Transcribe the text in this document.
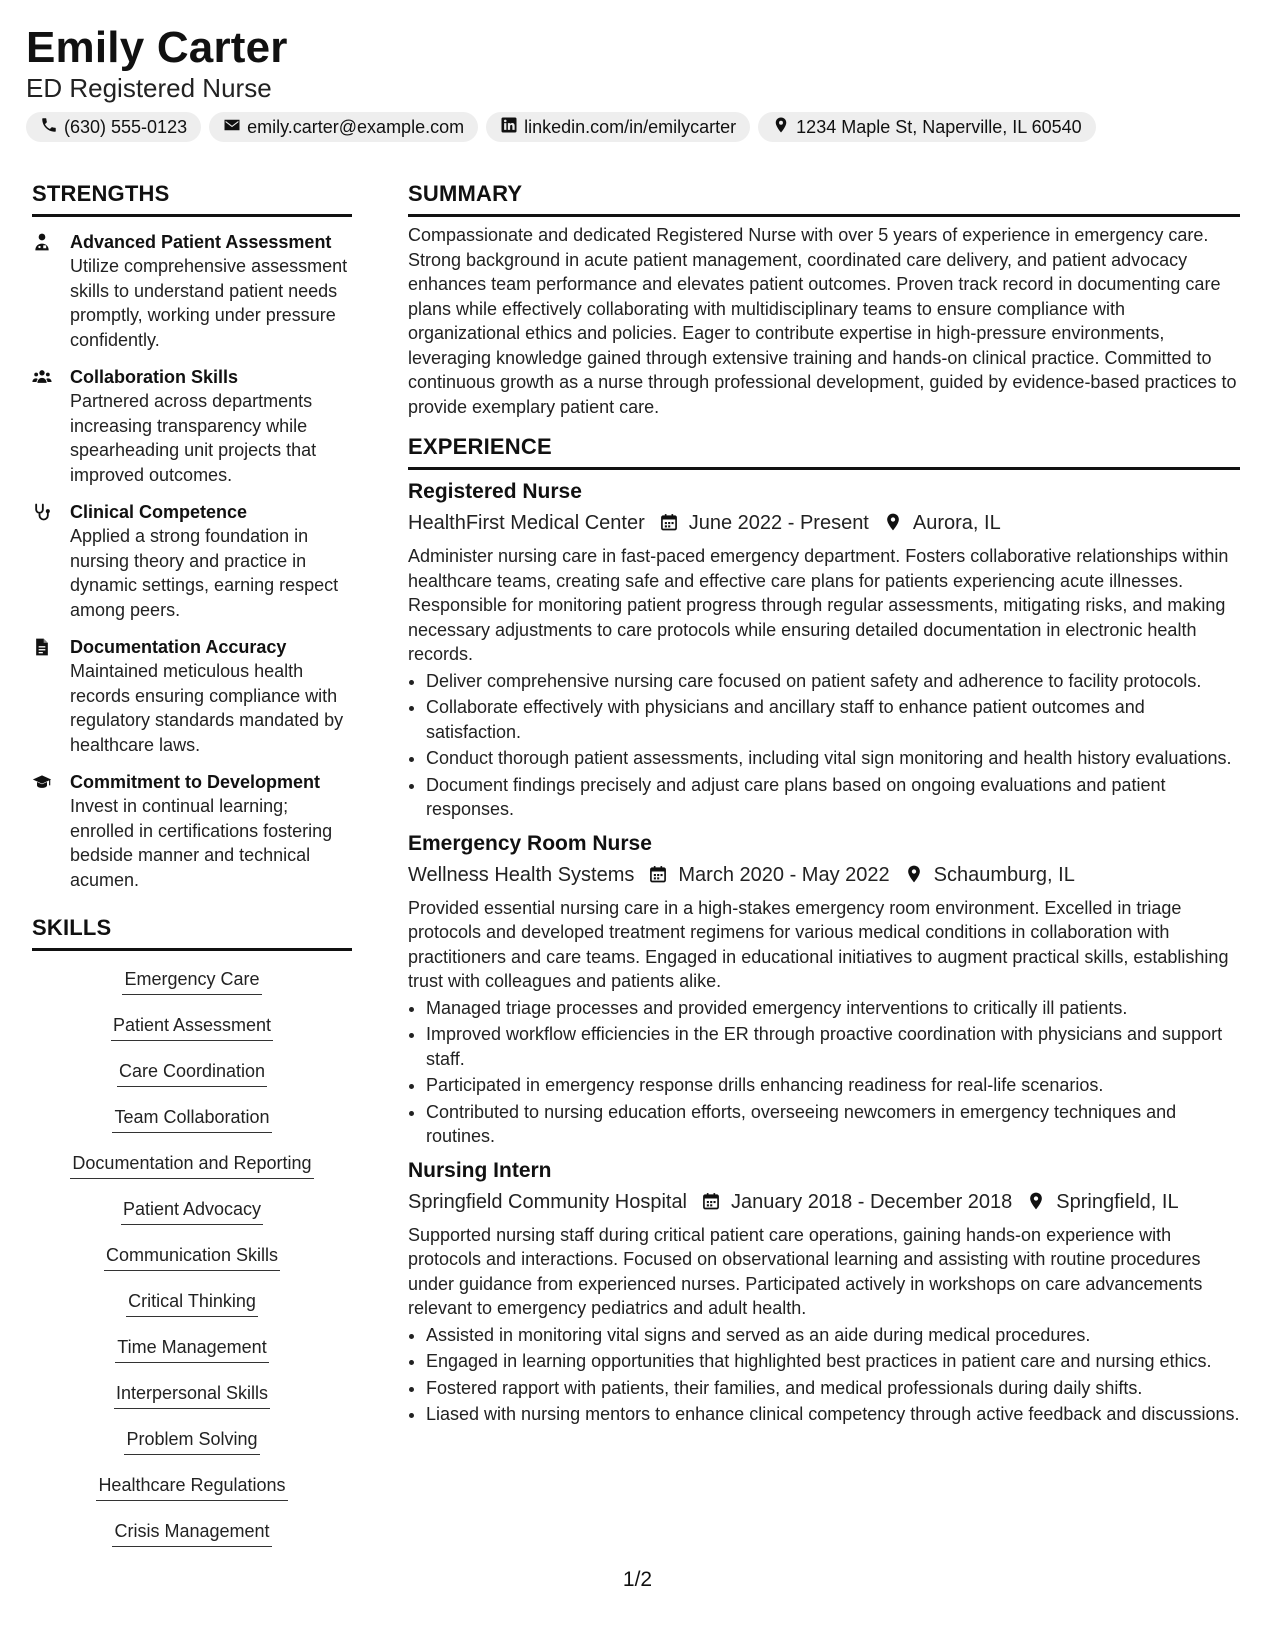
Emily Carter
ED Registered Nurse
(630) 555-0123	emily.carter@example.com	linkedin.com/in/emilycarter	1234 Maple St, Naperville, IL 60540
STRENGTHS
Advanced Patient Assessment
Utilize comprehensive assessment skills to understand patient needs promptly, working under pressure confidently.
Collaboration Skills
Partnered across departments increasing transparency while spearheading unit projects that improved outcomes.
Clinical Competence
Applied a strong foundation in nursing theory and practice in dynamic settings, earning respect among peers.
Documentation Accuracy
Maintained meticulous health records ensuring compliance with regulatory standards mandated by healthcare laws.
Commitment to Development
Invest in continual learning; enrolled in certifications fostering bedside manner and technical acumen.
SKILLS
Emergency Care
Patient Assessment
Care Coordination
Team Collaboration
Documentation and Reporting
Patient Advocacy
Communication Skills
Critical Thinking
Time Management
Interpersonal Skills
Problem Solving
Healthcare Regulations
Crisis Management
SUMMARY
Compassionate and dedicated Registered Nurse with over 5 years of experience in emergency care. Strong background in acute patient management, coordinated care delivery, and patient advocacy enhances team performance and elevates patient outcomes. Proven track record in documenting care plans while effectively collaborating with multidisciplinary teams to ensure compliance with organizational ethics and policies. Eager to contribute expertise in high-pressure environments, leveraging knowledge gained through extensive training and hands-on clinical practice. Committed to continuous growth as a nurse through professional development, guided by evidence-based practices to provide exemplary patient care.
EXPERIENCE
Registered Nurse
HealthFirst Medical Center June 2022 - Present Aurora, IL
Administer nursing care in fast-paced emergency department. Fosters collaborative relationships within healthcare teams, creating safe and effective care plans for patients experiencing acute illnesses. Responsible for monitoring patient progress through regular assessments, mitigating risks, and making necessary adjustments to care protocols while ensuring detailed documentation in electronic health records.
• Deliver comprehensive nursing care focused on patient safety and adherence to facility protocols.
• Collaborate effectively with physicians and ancillary staff to enhance patient outcomes and satisfaction.
• Conduct thorough patient assessments, including vital sign monitoring and health history evaluations.
• Document findings precisely and adjust care plans based on ongoing evaluations and patient responses.
Emergency Room Nurse
Wellness Health Systems March 2020 - May 2022 Schaumburg, IL
Provided essential nursing care in a high-stakes emergency room environment. Excelled in triage protocols and developed treatment regimens for various medical conditions in collaboration with practitioners and care teams. Engaged in educational initiatives to augment practical skills, establishing trust with colleagues and patients alike.
• Managed triage processes and provided emergency interventions to critically ill patients.
• Improved workflow efficiencies in the ER through proactive coordination with physicians and support staff.
• Participated in emergency response drills enhancing readiness for real-life scenarios.
• Contributed to nursing education efforts, overseeing newcomers in emergency techniques and routines.
Nursing Intern
Springfield Community Hospital January 2018 - December 2018 Springfield, IL
Supported nursing staff during critical patient care operations, gaining hands-on experience with protocols and interactions. Focused on observational learning and assisting with routine procedures under guidance from experienced nurses. Participated actively in workshops on care advancements relevant to emergency pediatrics and adult health.
• Assisted in monitoring vital signs and served as an aide during medical procedures.
• Engaged in learning opportunities that highlighted best practices in patient care and nursing ethics.
• Fostered rapport with patients, their families, and medical professionals during daily shifts.
• Liased with nursing mentors to enhance clinical competency through active feedback and discussions.
1/2
